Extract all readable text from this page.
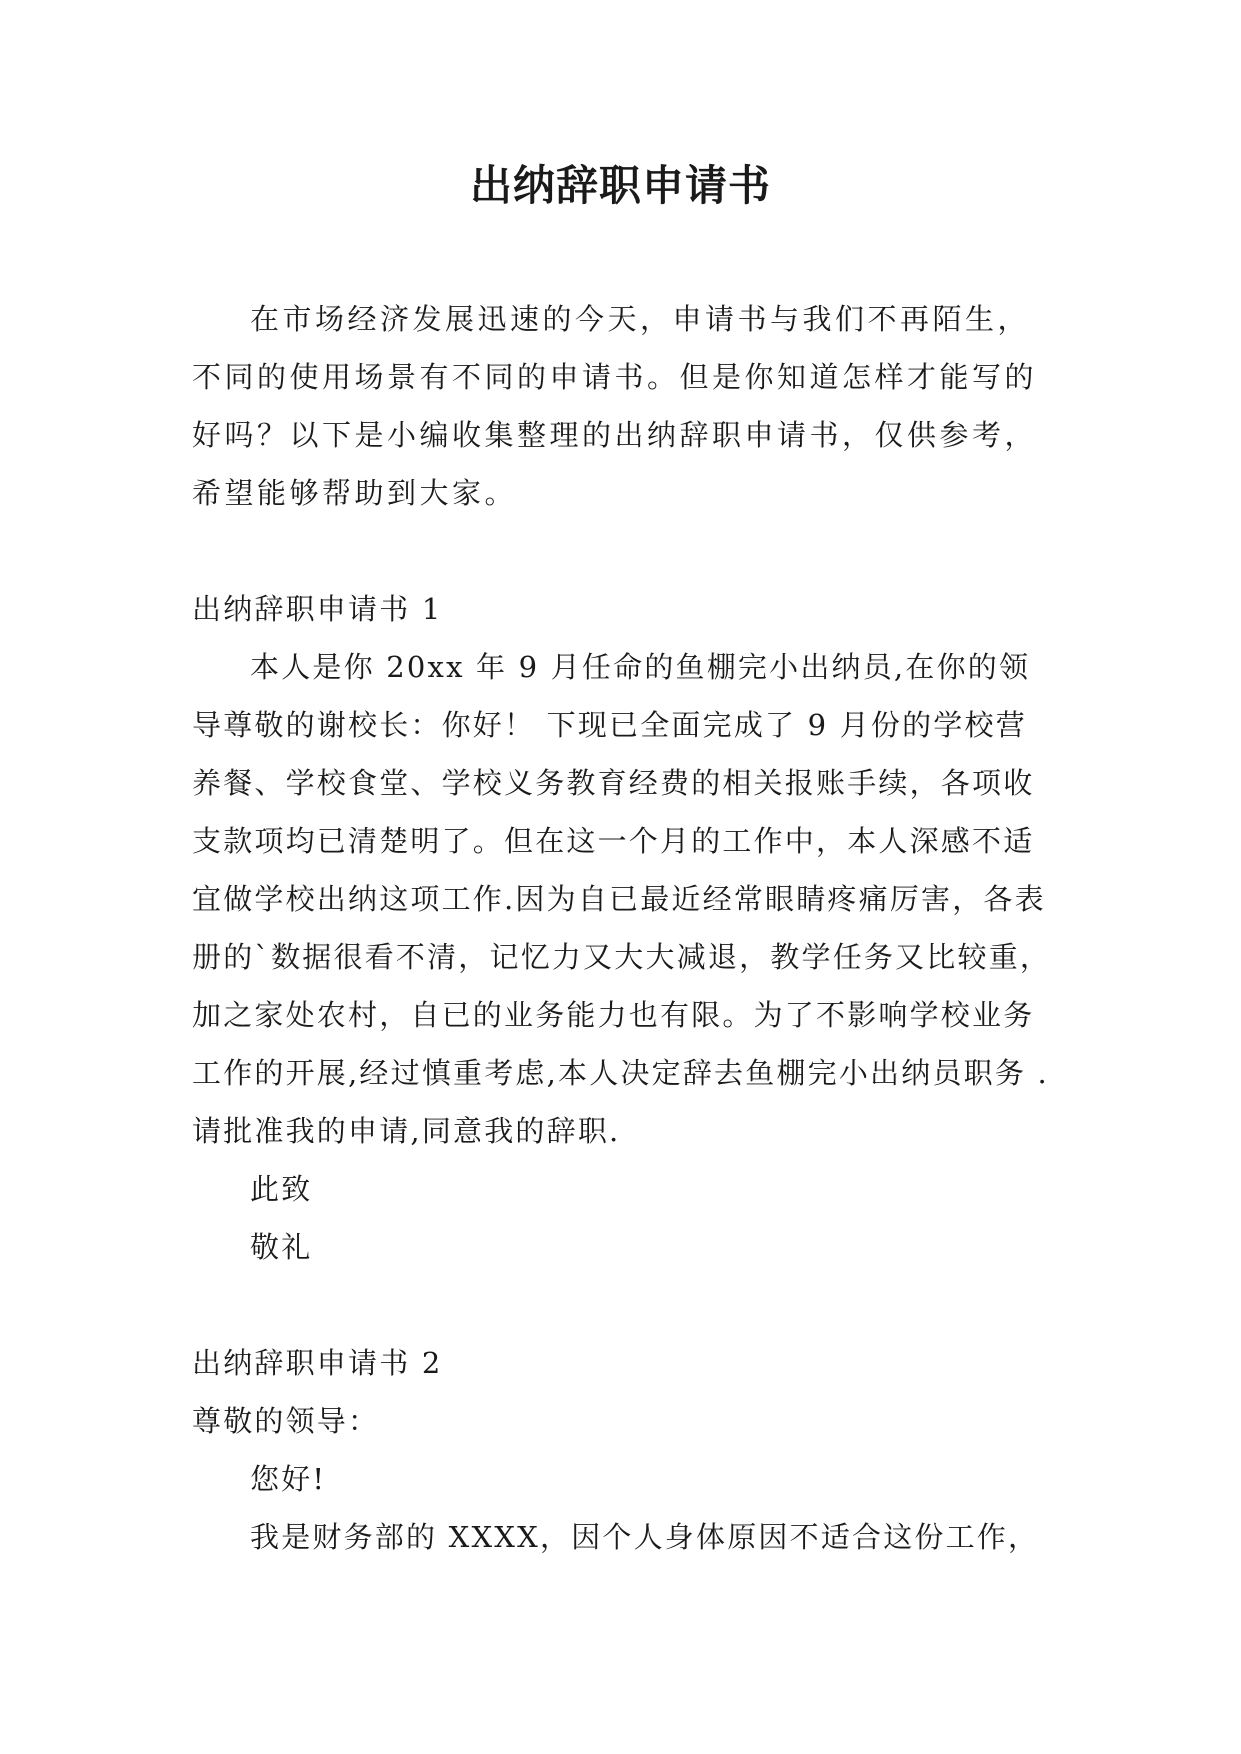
出纳辞职申请书

在市场经济发展迅速的今天，申请书与我们不再陌生，不同的使用场景有不同的申请书。但是你知道怎样才能写的好吗？以下是小编收集整理的出纳辞职申请书，仅供参考，希望能够帮助到大家。

出纳辞职申请书 1

本人是你 20xx 年 9 月任命的鱼棚完小出纳员,在你的领导尊敬的谢校长：你好！ 下现已全面完成了 9 月份的学校营养餐、学校食堂、学校义务教育经费的相关报账手续，各项收支款项均已清楚明了。但在这一个月的工作中，本人深感不适宜做学校出纳这项工作.因为自已最近经常眼睛疼痛厉害，各表册的`数据很看不清，记忆力又大大减退，教学任务又比较重，加之家处农村，自已的业务能力也有限。为了不影响学校业务工作的开展,经过慎重考虑,本人决定辞去鱼棚完小出纳员职务 .请批准我的申请,同意我的辞职.

此致

敬礼

出纳辞职申请书 2

尊敬的领导：

您好!

我是财务部的 XXXX，因个人身体原因不适合这份工作，
